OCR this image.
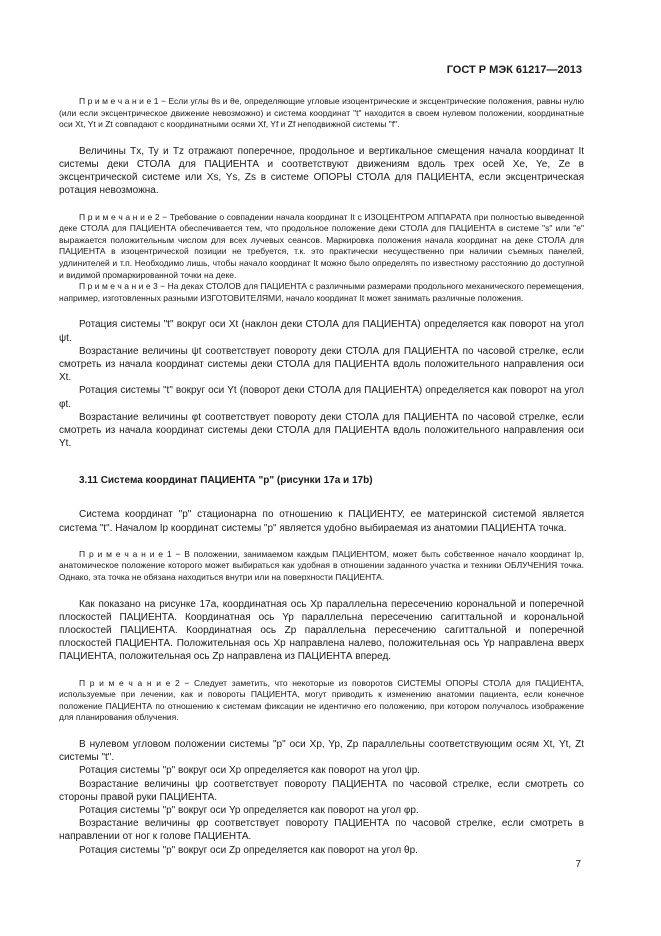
ГОСТ Р МЭК 61217—2013

П р и м е ч а н и е 1 − Если углы θs и θe, определяющие угловые изоцентрические и эксцентрические положения, равны нулю (или если эксцентрическое движение невозможно) и система координат "t" находится в своем нулевом положении, координатные оси Xt, Yt и Zt совпадают с координатными осями Xf, Yf и Zf неподвижной системы "f".

Величины Tx, Ty и Tz отражают поперечное, продольное и вертикальное смещения начала координат It системы деки СТОЛА для ПАЦИЕНТА и соответствуют движениям вдоль трех осей Xe, Ye, Ze в эксцентрической системе или Xs, Ys, Zs в системе ОПОРЫ СТОЛА для ПАЦИЕНТА, если эксцентрическая ротация невозможна.

П р и м е ч а н и е 2 − Требование о совпадении начала координат It с ИЗОЦЕНТРОМ АППАРАТА при полностью выведенной деке СТОЛА для ПАЦИЕНТА обеспечивается тем, что продольное положение деки СТОЛА для ПАЦИЕНТА в системе "s" или "e" выражается положительным числом для всех лучевых сеансов. Маркировка положения начала координат на деке СТОЛА для ПАЦИЕНТА в изоцентрической позиции не требуется, т.к. это практически несущественно при наличии съемных панелей, удлинителей и т.п. Необходимо лишь, чтобы начало координат It можно было определять по известному расстоянию до доступной и видимой промаркированной точки на деке.

П р и м е ч а н и е 3 − На деках СТОЛОВ для ПАЦИЕНТА с различными размерами продольного механического перемещения, например, изготовленных разными ИЗГОТОВИТЕЛЯМИ, начало координат It может занимать различные положения.

Ротация системы "t" вокруг оси Xt (наклон деки СТОЛА для ПАЦИЕНТА) определяется как поворот на угол ψt.

Возрастание величины ψt соответствует повороту деки СТОЛА для ПАЦИЕНТА по часовой стрелке, если смотреть из начала координат системы деки СТОЛА для ПАЦИЕНТА вдоль положительного направления оси Xt.

Ротация системы "t" вокруг оси Yt (поворот деки СТОЛА для ПАЦИЕНТА) определяется как поворот на угол φt.

Возрастание величины φt соответствует повороту деки СТОЛА для ПАЦИЕНТА по часовой стрелке, если смотреть из начала координат системы деки СТОЛА для ПАЦИЕНТА вдоль положительного направления оси Yt.

3.11 Система координат ПАЦИЕНТА "p" (рисунки 17a и 17b)

Система координат "p" стационарна по отношению к ПАЦИЕНТУ, ее материнской системой является система "t". Началом Ip координат системы "p" является удобно выбираемая из анатомии ПАЦИЕНТА точка.

П р и м е ч а н и е 1 − В положении, занимаемом каждым ПАЦИЕНТОМ, может быть собственное начало координат Ip, анатомическое положение которого может выбираться как удобная в отношении заданного участка и техники ОБЛУЧЕНИЯ точка. Однако, эта точка не обязана находиться внутри или на поверхности ПАЦИЕНТА.

Как показано на рисунке 17a, координатная ось Xp параллельна пересечению корональной и поперечной плоскостей ПАЦИЕНТА. Координатная ось Yp параллельна пересечению сагиттальной и корональной плоскостей ПАЦИЕНТА. Координатная ось Zp параллельна пересечению сагиттальной и поперечной плоскостей ПАЦИЕНТА. Положительная ось Xp направлена налево, положительная ось Yp направлена вверх ПАЦИЕНТА, положительная ось Zp направлена из ПАЦИЕНТА вперед.

П р и м е ч а н и е 2 − Следует заметить, что некоторые из поворотов СИСТЕМЫ ОПОРЫ СТОЛА для ПАЦИЕНТА, используемые при лечении, как и повороты ПАЦИЕНТА, могут приводить к изменению анатомии пациента, если конечное положение ПАЦИЕНТА по отношению к системам фиксации не идентично его положению, при котором получалось изображение для планирования облучения.

В нулевом угловом положении системы "p" оси Xp, Yp, Zp параллельны соответствующим осям Xt, Yt, Zt системы "t".

Ротация системы "p" вокруг оси Xp определяется как поворот на угол ψp.

Возрастание величины ψp соответствует повороту ПАЦИЕНТА по часовой стрелке, если смотреть со стороны правой руки ПАЦИЕНТА.

Ротация системы "p" вокруг оси Yp определяется как поворот на угол φp.

Возрастание величины φp соответствует повороту ПАЦИЕНТА по часовой стрелке, если смотреть в направлении от ног к голове ПАЦИЕНТА.

Ротация системы "p" вокруг оси Zp определяется как поворот на угол θp.

7
